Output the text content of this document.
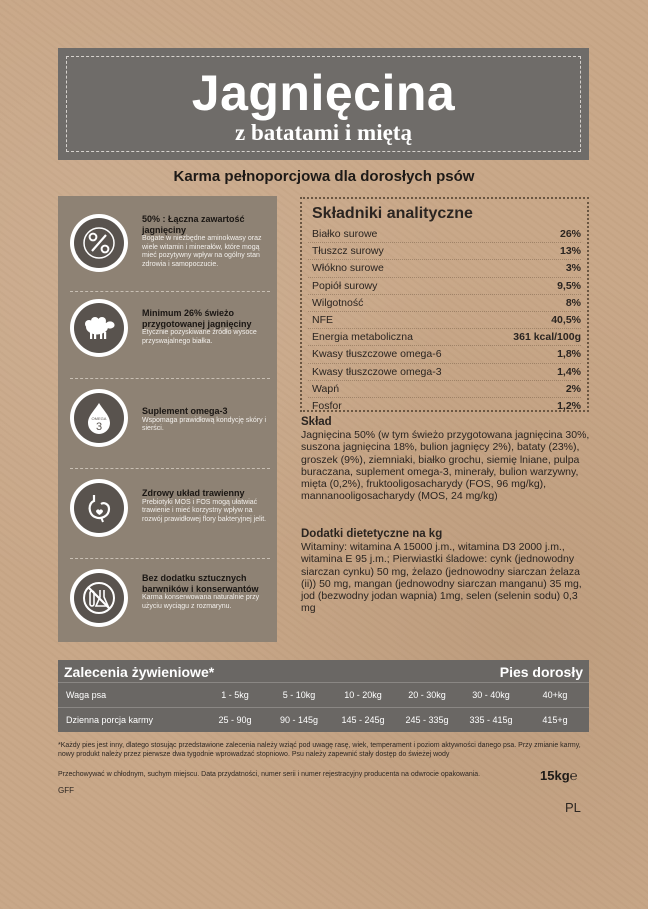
Jagnięcina
z batatami i miętą
Karma pełnoporcjowa dla dorosłych psów
50% : Łączna zawartość jagnięciny
Bogate w niezbędne aminokwasy oraz wiele witamin i minerałów, które mogą mieć pozytywny wpływ na ogólny stan zdrowia i samopoczucie.
Minimum 26% świeżo przygotowanej jagnięciny
Etycznie pozyskiwane źródło wysoce przyswajalnego białka.
OMEGA
3
Suplement omega-3
Wspomaga prawidłową kondycję skóry i sierści.
Zdrowy układ trawienny
Prebiotyki MOS i FOS mogą ułatwiać trawienie i mieć korzystny wpływ na rozwój prawidłowej flory bakteryjnej jelit.
Bez dodatku sztucznych barwników i konserwantów
Karma konserwowana naturalnie przy użyciu wyciągu z rozmarynu.
Składniki analityczne
Białko surowe	26%
Tłuszcz surowy	13%
Włókno surowe	3%
Popiół surowy	9,5%
Wilgotność	8%
NFE	40,5%
Energia metaboliczna	361 kcal/100g
Kwasy tłuszczowe omega-6	1,8%
Kwasy tłuszczowe omega-3	1,4%
Wapń	2%
Fosfor	1,2%
Skład
Jagnięcina 50% (w tym świeżo przygotowana jagnięcina 30%, suszona jagnięcina 18%, bulion jagnięcy 2%), bataty (23%), groszek (9%), ziemniaki, białko grochu, siemię lniane, pulpa buraczana, suplement omega-3, minerały, bulion warzywny, mięta (0,2%), fruktooligosacharydy (FOS, 96 mg/kg), mannanooligosacharydy (MOS, 24 mg/kg)
Dodatki dietetyczne na kg
Witaminy: witamina A 15000 j.m., witamina D3 2000 j.m., witamina E 95 j.m.; Pierwiastki śladowe: cynk (jednowodny siarczan cynku) 50 mg, żelazo (jednowodny siarczan żelaza (ii)) 50 mg, mangan (jednowodny siarczan manganu) 35 mg, jod (bezwodny jodan wapnia) 1mg, selen (selenin sodu) 0,3 mg
Zalecenia żywieniowe*	Pies dorosły
Waga psa	1 - 5kg	5 - 10kg	10 - 20kg	20 - 30kg	30 - 40kg	40+kg
Dzienna porcja karmy	25 - 90g	90 - 145g	145 - 245g	245 - 335g	335 - 415g	415+g
*Każdy pies jest inny, dlatego stosując przedstawione zalecenia należy wziąć pod uwagę rasę, wiek, temperament i poziom aktywności danego psa. Przy zmianie karmy, nowy produkt należy przez pierwsze dwa tygodnie wprowadzać stopniowo. Psu należy zapewnić stały dostęp do świeżej wody
Przechowywać w chłodnym, suchym miejscu. Data przydatności, numer serii i numer rejestracyjny producenta na odwrocie opakowania.	15kg℮
GFF
PL
